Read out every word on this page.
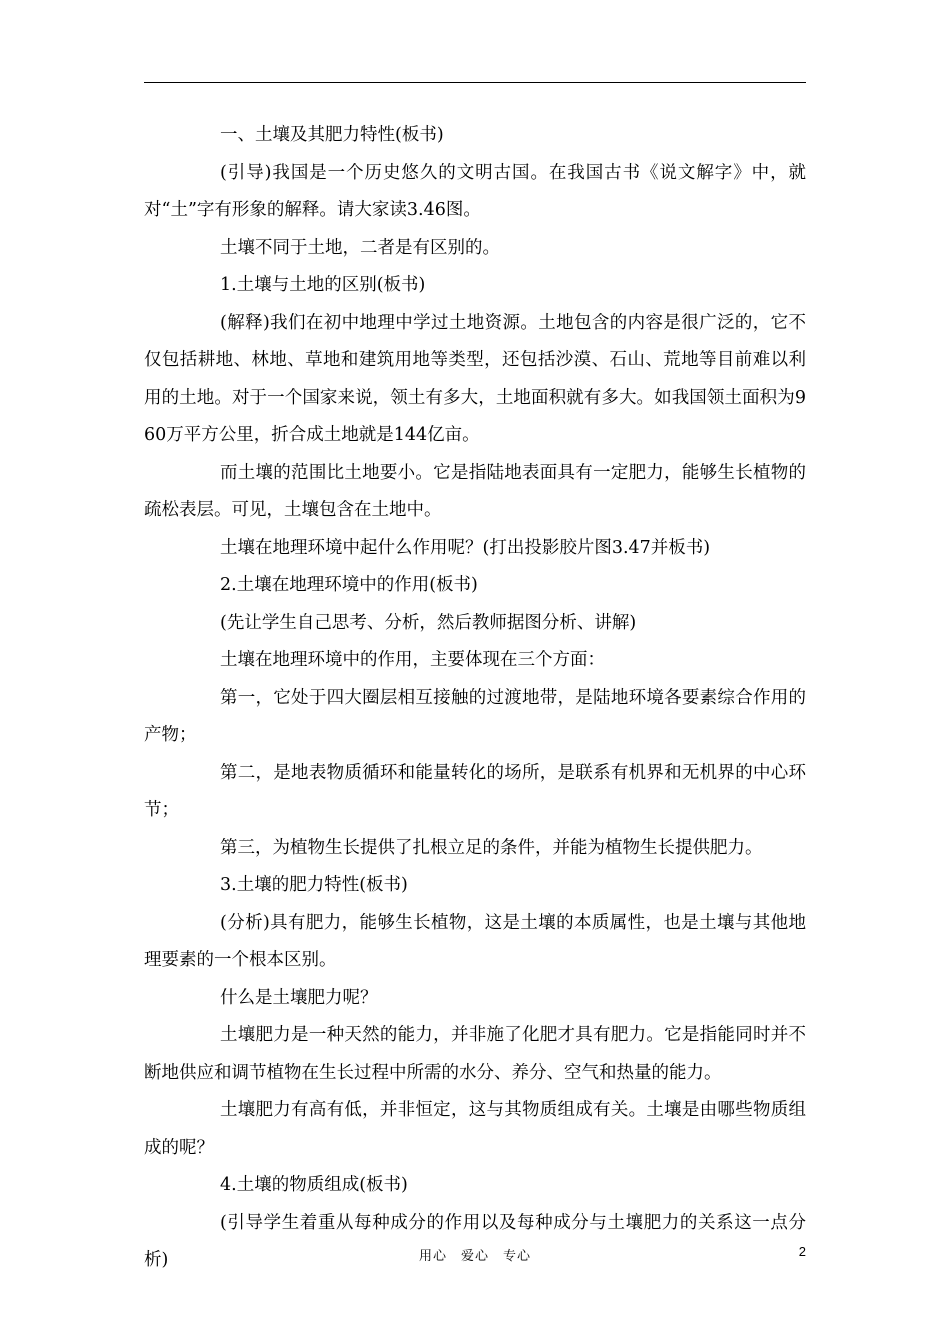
一、土壤及其肥力特性(板书)

(引导)我国是一个历史悠久的文明古国。在我国古书《说文解字》中，就对“土”字有形象的解释。请大家读3.46图。

土壤不同于土地，二者是有区别的。

1.土壤与土地的区别(板书)

(解释)我们在初中地理中学过土地资源。土地包含的内容是很广泛的，它不仅包括耕地、林地、草地和建筑用地等类型，还包括沙漠、石山、荒地等目前难以利用的土地。对于一个国家来说，领土有多大，土地面积就有多大。如我国领土面积为960万平方公里，折合成土地就是144亿亩。

而土壤的范围比土地要小。它是指陆地表面具有一定肥力，能够生长植物的疏松表层。可见，土壤包含在土地中。

土壤在地理环境中起什么作用呢？(打出投影胶片图3.47并板书)

2.土壤在地理环境中的作用(板书)

(先让学生自己思考、分析，然后教师据图分析、讲解)

土壤在地理环境中的作用，主要体现在三个方面：

第一，它处于四大圈层相互接触的过渡地带，是陆地环境各要素综合作用的产物；

第二，是地表物质循环和能量转化的场所，是联系有机界和无机界的中心环节；

第三，为植物生长提供了扎根立足的条件，并能为植物生长提供肥力。

3.土壤的肥力特性(板书)

(分析)具有肥力，能够生长植物，这是土壤的本质属性，也是土壤与其他地理要素的一个根本区别。

什么是土壤肥力呢？

土壤肥力是一种天然的能力，并非施了化肥才具有肥力。它是指能同时并不断地供应和调节植物在生长过程中所需的水分、养分、空气和热量的能力。

土壤肥力有高有低，并非恒定，这与其物质组成有关。土壤是由哪些物质组成的呢？

4.土壤的物质组成(板书)

(引导学生着重从每种成分的作用以及每种成分与土壤肥力的关系这一点分析)	用心　爱心　专心	2
